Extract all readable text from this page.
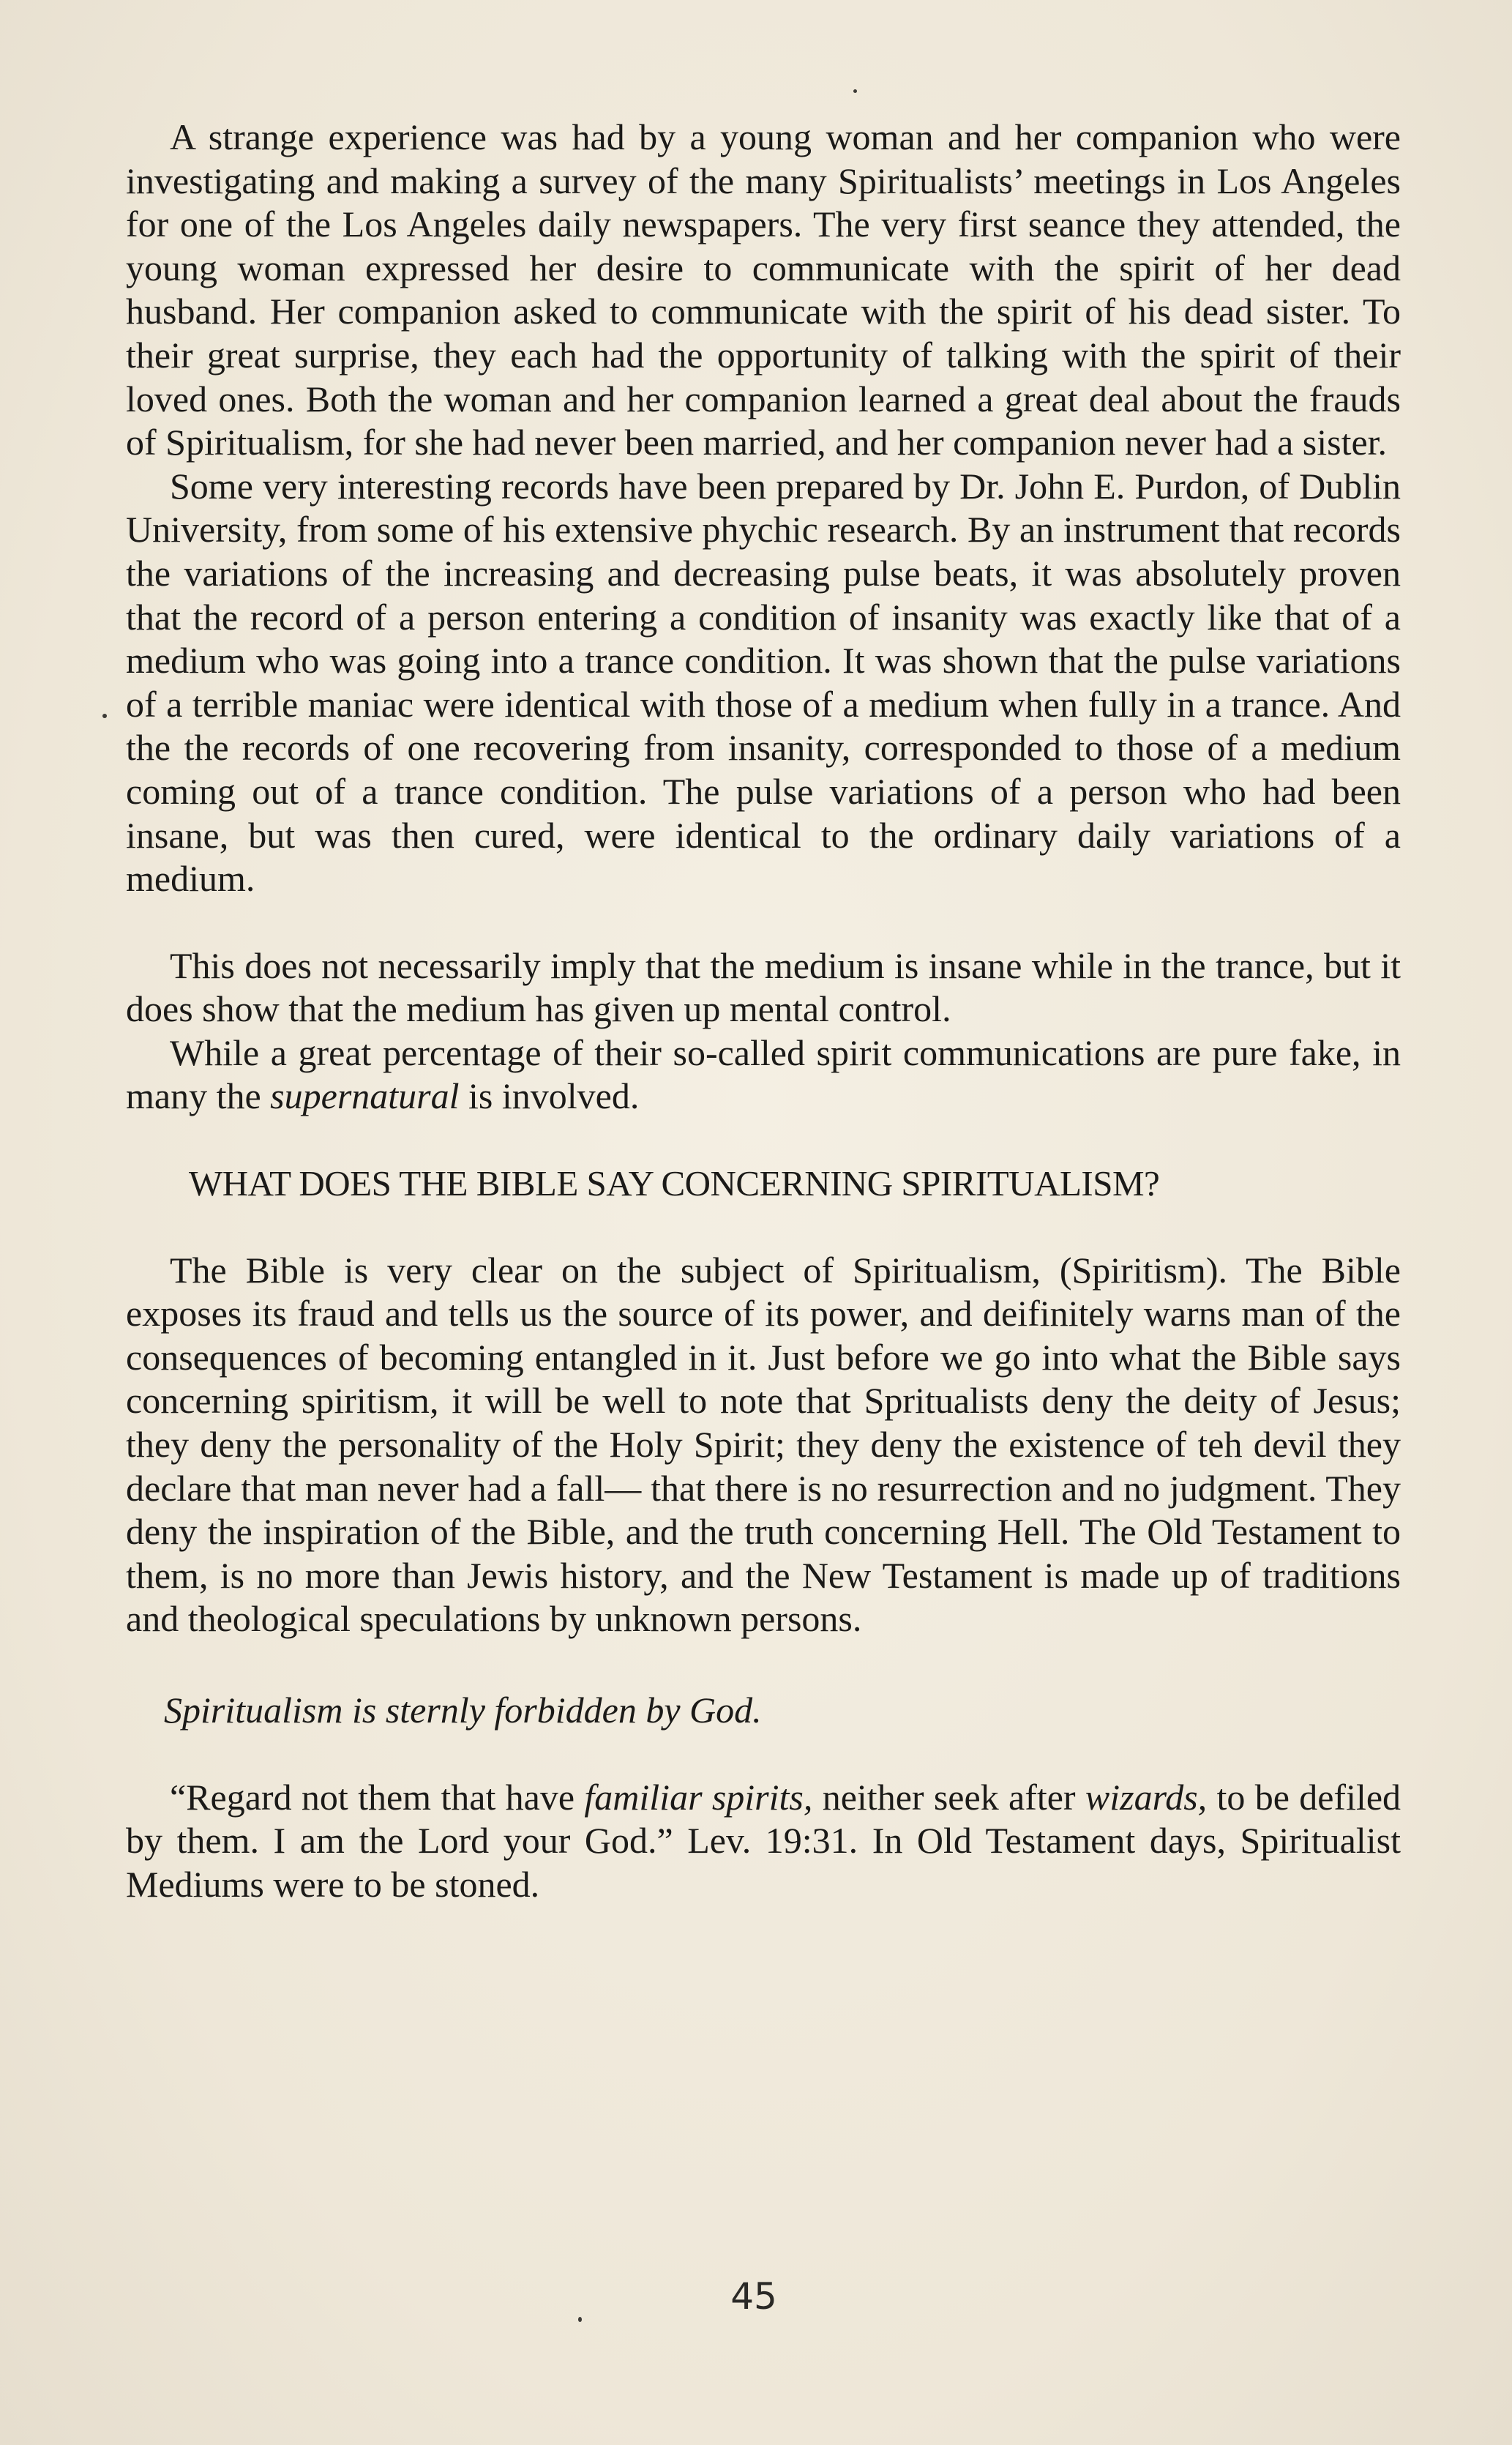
A strange experience was had by a young woman and her companion who were investigating and making a survey of the many Spiritualists’ meetings in Los Angeles for one of the Los Angeles daily newspapers. The very first seance they attended, the young woman expressed her desire to communicate with the spirit of her dead husband. Her companion asked to communicate with the spirit of his dead sister. To their great surprise, they each had the opportunity of talking with the spirit of their loved ones. Both the woman and her companion learned a great deal about the frauds of Spiritualism, for she had never been married, and her companion never had a sister.

Some very interesting records have been prepared by Dr. John E. Purdon, of Dublin University, from some of his extensive phychic research. By an instrument that records the variations of the increasing and decreasing pulse beats, it was absolutely proven that the record of a person entering a condition of insanity was exactly like that of a medium who was going into a trance condition. It was shown that the pulse variations of a terrible maniac were identical with those of a medium when fully in a trance. And the the records of one recovering from insanity, corresponded to those of a medium coming out of a trance condition. The pulse variations of a person who had been insane, but was then cured, were identical to the ordinary daily variations of a medium.

This does not necessarily imply that the medium is insane while in the trance, but it does show that the medium has given up mental control.

While a great percentage of their so-called spirit communications are pure fake, in many the supernatural is involved.

WHAT DOES THE BIBLE SAY CONCERNING SPIRITUALISM?

The Bible is very clear on the subject of Spiritualism, (Spiritism). The Bible exposes its fraud and tells us the source of its power, and deifinitely warns man of the consequences of becoming entangled in it. Just before we go into what the Bible says concerning spiritism, it will be well to note that Spritualists deny the deity of Jesus; they deny the personality of the Holy Spirit; they deny the existence of teh devil they declare that man never had a fall— that there is no resurrection and no judgment. They deny the inspiration of the Bible, and the truth concerning Hell. The Old Testament to them, is no more than Jewis history, and the New Testament is made up of traditions and theological speculations by unknown persons.

Spiritualism is sternly forbidden by God.

“Regard not them that have familiar spirits, neither seek after wizards, to be defiled by them. I am the Lord your God.” Lev. 19:31. In Old Testament days, Spiritualist Mediums were to be stoned.

45
